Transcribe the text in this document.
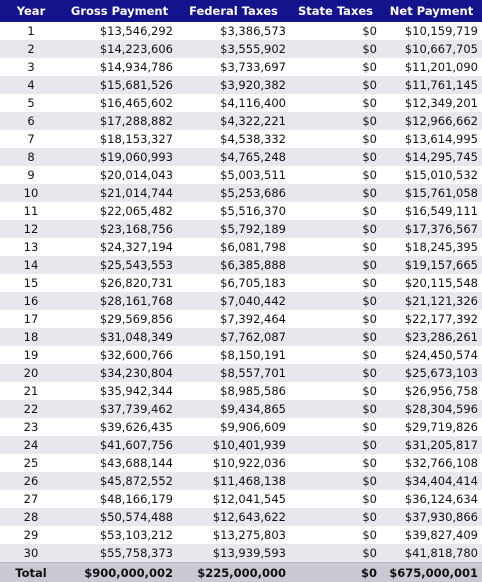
Year	Gross Payment	Federal Taxes	State Taxes	Net Payment
1	$13,546,292	$3,386,573	$0	$10,159,719
2	$14,223,606	$3,555,902	$0	$10,667,705
3	$14,934,786	$3,733,697	$0	$11,201,090
4	$15,681,526	$3,920,382	$0	$11,761,145
5	$16,465,602	$4,116,400	$0	$12,349,201
6	$17,288,882	$4,322,221	$0	$12,966,662
7	$18,153,327	$4,538,332	$0	$13,614,995
8	$19,060,993	$4,765,248	$0	$14,295,745
9	$20,014,043	$5,003,511	$0	$15,010,532
10	$21,014,744	$5,253,686	$0	$15,761,058
11	$22,065,482	$5,516,370	$0	$16,549,111
12	$23,168,756	$5,792,189	$0	$17,376,567
13	$24,327,194	$6,081,798	$0	$18,245,395
14	$25,543,553	$6,385,888	$0	$19,157,665
15	$26,820,731	$6,705,183	$0	$20,115,548
16	$28,161,768	$7,040,442	$0	$21,121,326
17	$29,569,856	$7,392,464	$0	$22,177,392
18	$31,048,349	$7,762,087	$0	$23,286,261
19	$32,600,766	$8,150,191	$0	$24,450,574
20	$34,230,804	$8,557,701	$0	$25,673,103
21	$35,942,344	$8,985,586	$0	$26,956,758
22	$37,739,462	$9,434,865	$0	$28,304,596
23	$39,626,435	$9,906,609	$0	$29,719,826
24	$41,607,756	$10,401,939	$0	$31,205,817
25	$43,688,144	$10,922,036	$0	$32,766,108
26	$45,872,552	$11,468,138	$0	$34,404,414
27	$48,166,179	$12,041,545	$0	$36,124,634
28	$50,574,488	$12,643,622	$0	$37,930,866
29	$53,103,212	$13,275,803	$0	$39,827,409
30	$55,758,373	$13,939,593	$0	$41,818,780
Total	$900,000,002	$225,000,000	$0	$675,000,001
